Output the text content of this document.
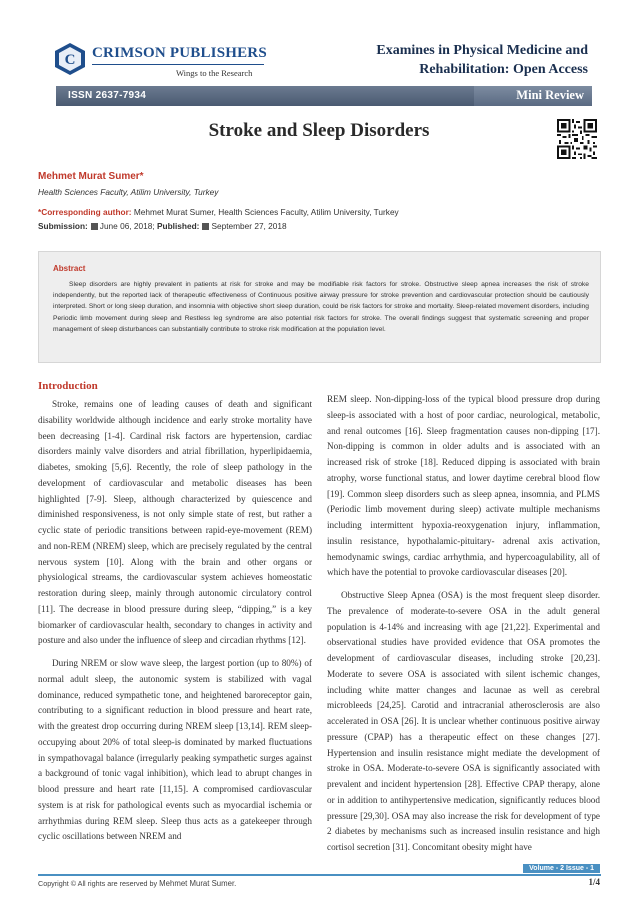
C CRIMSON PUBLISHERS
Wings to the Research
Examines in Physical Medicine and Rehabilitation: Open Access
ISSN 2637-7934	Mini Review
Stroke and Sleep Disorders
Mehmet Murat Sumer*
Health Sciences Faculty, Atilim University, Turkey
*Corresponding author: Mehmet Murat Sumer, Health Sciences Faculty, Atilim University, Turkey
Submission: June 06, 2018; Published: September 27, 2018
Abstract
Sleep disorders are highly prevalent in patients at risk for stroke and may be modifiable risk factors for stroke. Obstructive sleep apnea increases the risk of stroke independently, but the reported lack of therapeutic effectiveness of Continuous positive airway pressure for stroke prevention and cardiovascular protection should be cautiously interpreted. Short or long sleep duration, and insomnia with objective short sleep duration, could be risk factors for stroke and mortality. Sleep-related movement disorders, including Periodic limb movement during sleep and Restless leg syndrome are also potential risk factors for stroke. The overall findings suggest that systematic screening and proper management of sleep disturbances can substantially contribute to stroke risk modification at the population level.
Introduction

Stroke, remains one of leading causes of death and significant disability worldwide although incidence and early stroke mortality have been decreasing [1-4]. Cardinal risk factors are hypertension, cardiac disorders mainly valve disorders and atrial fibrillation, hyperlipidaemia, diabetes, smoking [5,6]. Recently, the role of sleep pathology in the development of cardiovascular and metabolic diseases has been highlighted [7-9]. Sleep, although characterized by quiescence and diminished responsiveness, is not only simple state of rest, but rather a cyclic state of periodic transitions between rapid-eye-movement (REM) and non-REM (NREM) sleep, which are precisely regulated by the central nervous system [10]. Along with the brain and other organs or physiological streams, the cardiovascular system achieves homeostatic restoration during sleep, mainly through autonomic circulatory control [11]. The decrease in blood pressure during sleep, “dipping,” is a key biomarker of cardiovascular health, secondary to changes in activity and posture and also under the influence of sleep and circadian rhythms [12].

During NREM or slow wave sleep, the largest portion (up to 80%) of normal adult sleep, the autonomic system is stabilized with vagal dominance, reduced sympathetic tone, and heightened baroreceptor gain, contributing to a significant reduction in blood pressure and heart rate, with the greatest drop occurring during NREM sleep [13,14]. REM sleep-occupying about 20% of total sleep-is dominated by marked fluctuations in sympathovagal balance (irregularly peaking sympathetic surges against a background of tonic vagal inhibition), which lead to abrupt changes in blood pressure and heart rate [11,15]. A compromised cardiovascular system is at risk for pathological events such as myocardial ischemia or arrhythmias during REM sleep. Sleep thus acts as a gatekeeper through cyclic oscillations between NREM and

REM sleep. Non-dipping-loss of the typical blood pressure drop during sleep-is associated with a host of poor cardiac, neurological, metabolic, and renal outcomes [16]. Sleep fragmentation causes non-dipping [17]. Non-dipping is common in older adults and is associated with an increased risk of stroke [18]. Reduced dipping is associated with brain atrophy, worse functional status, and lower daytime cerebral blood flow [19]. Common sleep disorders such as sleep apnea, insomnia, and PLMS (Periodic limb movement during sleep) activate multiple mechanisms including intermittent hypoxia-reoxygenation injury, inflammation, insulin resistance, hypothalamic-pituitary- adrenal axis activation, hemodynamic swings, cardiac arrhythmia, and hypercoagulability, all of which have the potential to provoke cardiovascular diseases [20].

Obstructive Sleep Apnea (OSA) is the most frequent sleep disorder. The prevalence of moderate-to-severe OSA in the adult general population is 4-14% and increasing with age [21,22]. Experimental and observational studies have provided evidence that OSA promotes the development of cardiovascular diseases, including stroke [20,23]. Moderate to severe OSA is associated with silent ischemic changes, including white matter changes and lacunae as well as cerebral microbleeds [24,25]. Carotid and intracranial atherosclerosis are also accelerated in OSA [26]. It is unclear whether continuous positive airway pressure (CPAP) has a therapeutic effect on these changes [27]. Hypertension and insulin resistance might mediate the development of stroke in OSA. Moderate-to-severe OSA is significantly associated with prevalent and incident hypertension [28]. Effective CPAP therapy, alone or in addition to antihypertensive medication, significantly reduces blood pressure [29,30]. OSA may also increase the risk for development of type 2 diabetes by mechanisms such as increased insulin resistance and high cortisol secretion [31]. Concomitant obesity might have

Volume - 2 Issue - 1
Copyright © All rights are reserved by Mehmet Murat Sumer.	1/4
